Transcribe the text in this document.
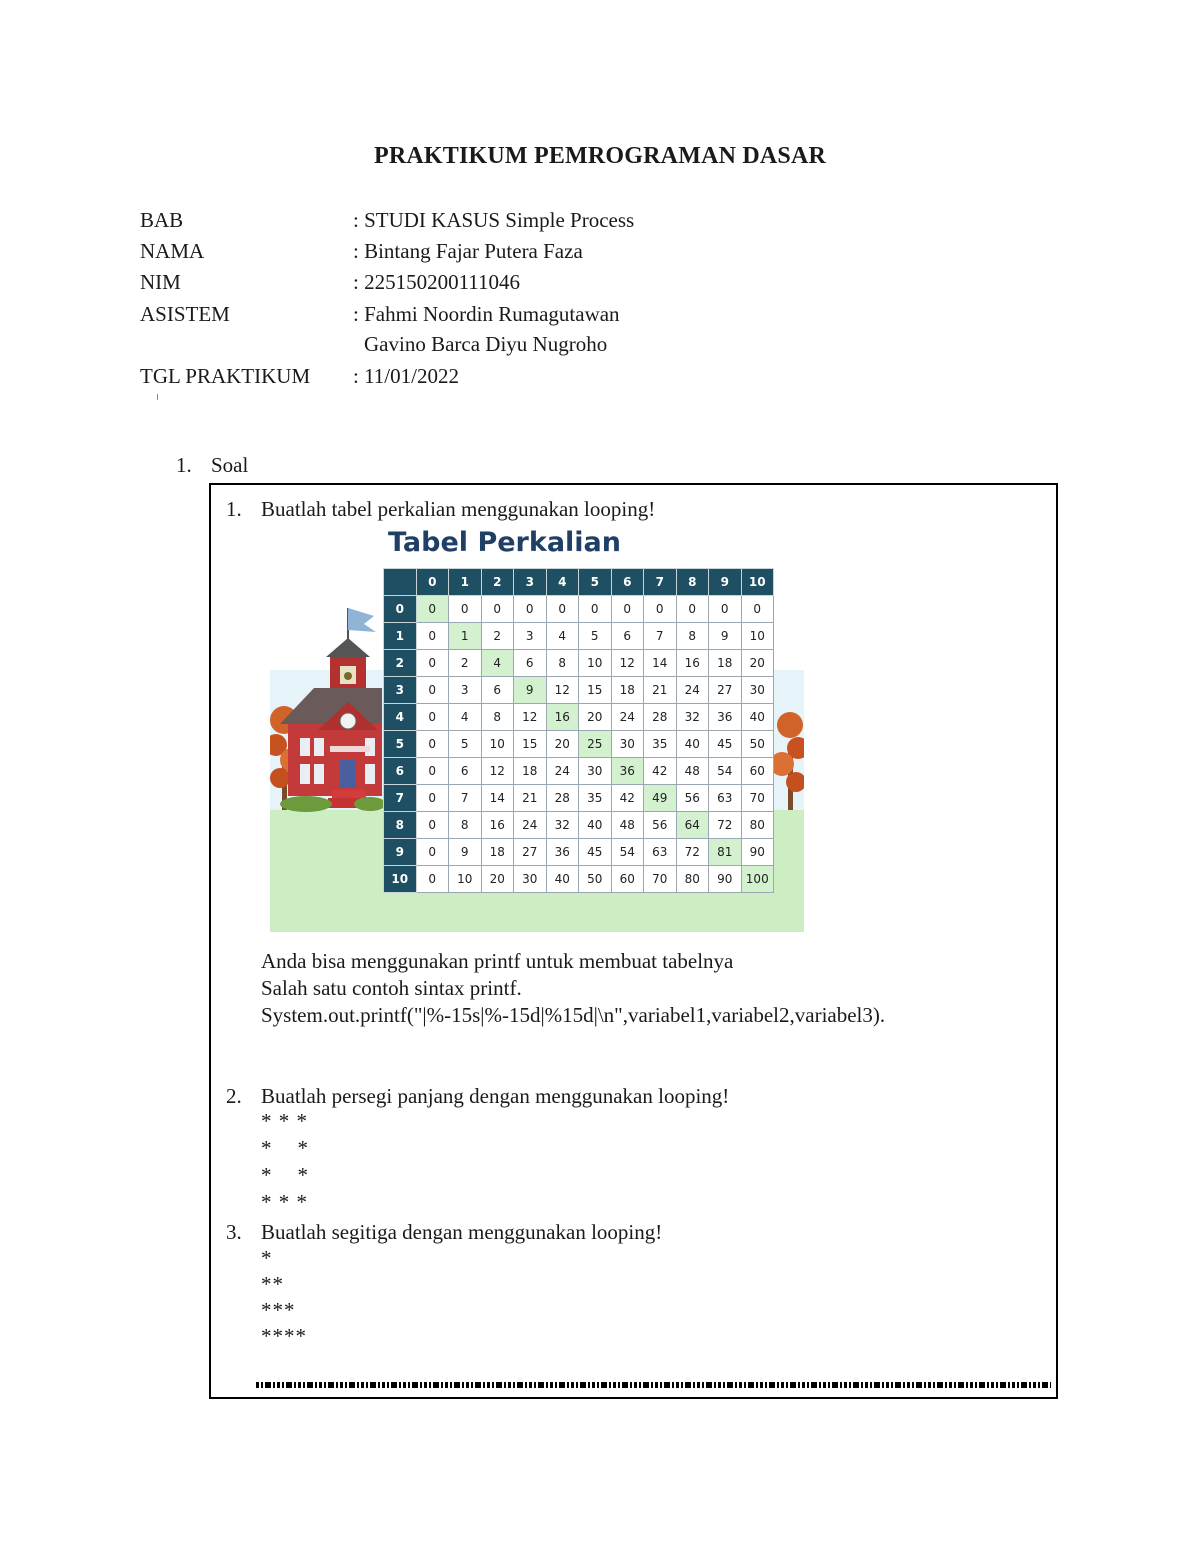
PRAKTIKUM PEMROGRAMAN DASAR
BAB	: STUDI KASUS Simple Process
NAMA	: Bintang Fajar Putera Faza
NIM	: 225150200111046
ASISTEM	: Fahmi Noordin Rumagutawan
Gavino Barca Diyu Nugroho
TGL PRAKTIKUM : 11/01/2022
1. Soal
1. Buatlah tabel perkalian menggunakan looping!
Tabel Perkalian
	0	1	2	3	4	5	6	7	8	9	10
0	0	0	0	0	0	0	0	0	0	0	0
1	0	1	2	3	4	5	6	7	8	9	10
2	0	2	4	6	8	10	12	14	16	18	20
3	0	3	6	9	12	15	18	21	24	27	30
4	0	4	8	12	16	20	24	28	32	36	40
5	0	5	10	15	20	25	30	35	40	45	50
6	0	6	12	18	24	30	36	42	48	54	60
7	0	7	14	21	28	35	42	49	56	63	70
8	0	8	16	24	32	40	48	56	64	72	80
9	0	9	18	27	36	45	54	63	72	81	90
10	0	10	20	30	40	50	60	70	80	90	100
Anda bisa menggunakan printf untuk membuat tabelnya
Salah satu contoh sintax printf.
System.out.printf("|%-15s|%-15d|%15d|\n",variabel1,variabel2,variabel3).
2. Buatlah persegi panjang dengan menggunakan looping!
* * *
*    *
*    *
* * *
3. Buatlah segitiga dengan menggunakan looping!
*
**
***
****
